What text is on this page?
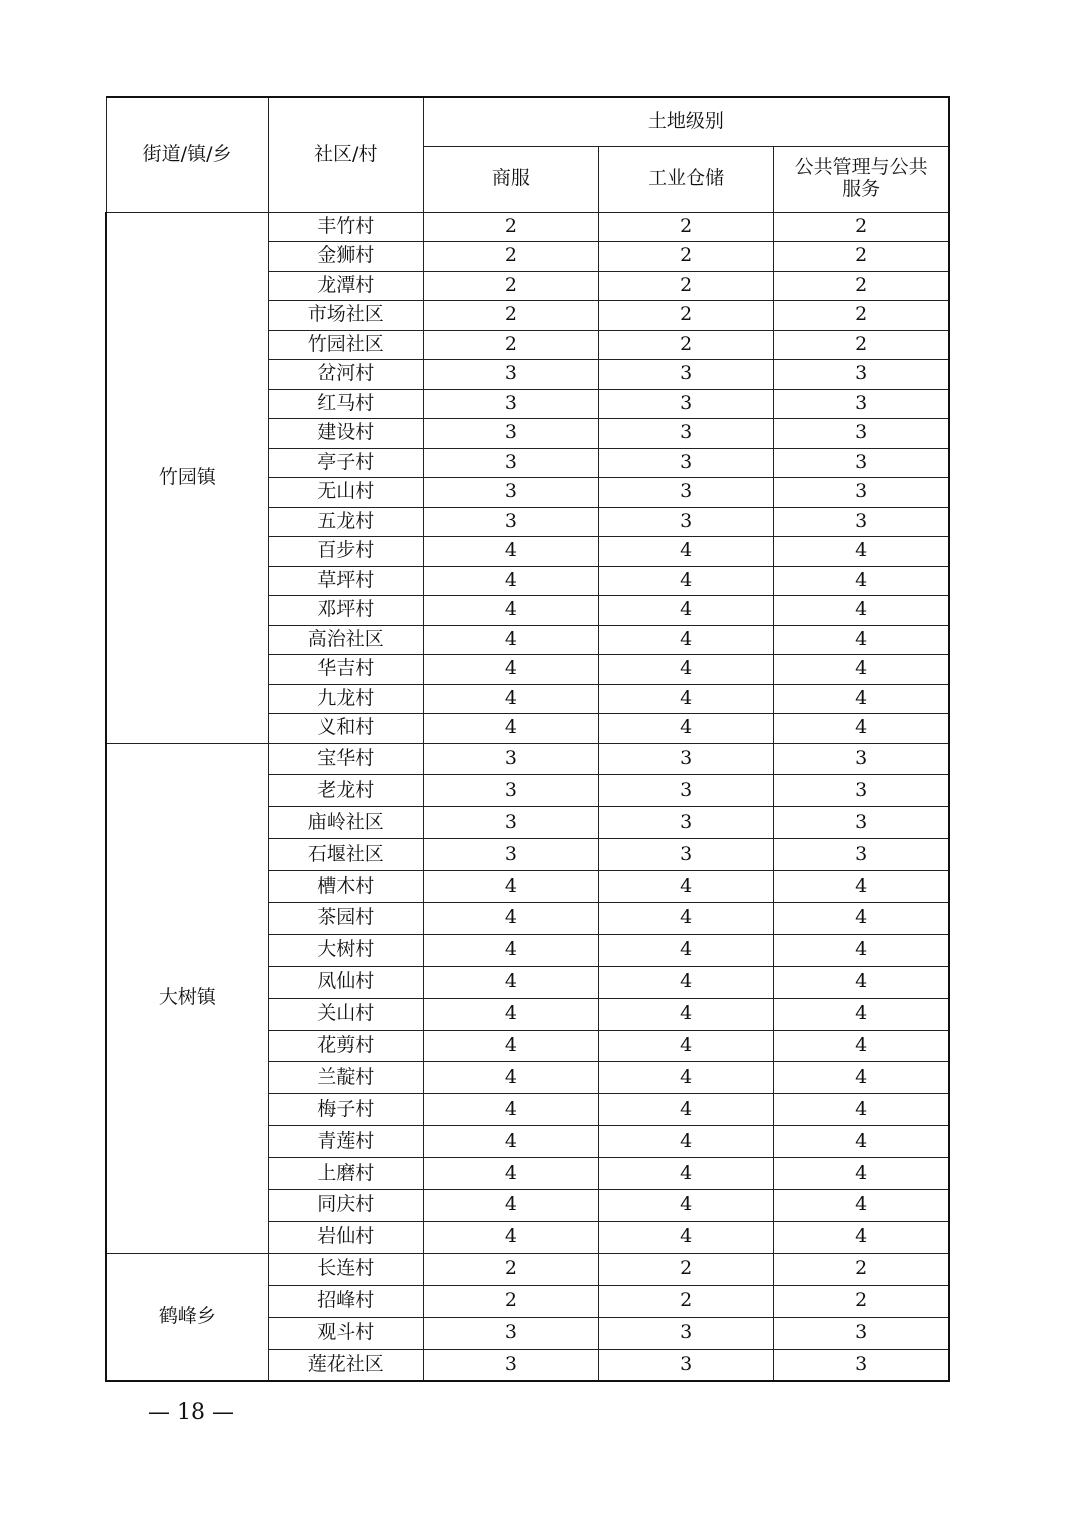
街道/镇/乡	社区/村	土地级别		
		商服	工业仓储	公共管理与公共服务
竹园镇	丰竹村	2	2	2
	金狮村	2	2	2
	龙潭村	2	2	2
	市场社区	2	2	2
	竹园社区	2	2	2
	岔河村	3	3	3
	红马村	3	3	3
	建设村	3	3	3
	亭子村	3	3	3
	无山村	3	3	3
	五龙村	3	3	3
	百步村	4	4	4
	草坪村	4	4	4
	邓坪村	4	4	4
	高治社区	4	4	4
	华吉村	4	4	4
	九龙村	4	4	4
	义和村	4	4	4
大树镇	宝华村	3	3	3
	老龙村	3	3	3
	庙岭社区	3	3	3
	石堰社区	3	3	3
	槽木村	4	4	4
	茶园村	4	4	4
	大树村	4	4	4
	凤仙村	4	4	4
	关山村	4	4	4
	花剪村	4	4	4
	兰靛村	4	4	4
	梅子村	4	4	4
	青莲村	4	4	4
	上磨村	4	4	4
	同庆村	4	4	4
	岩仙村	4	4	4
鹤峰乡	长连村	2	2	2
	招峰村	2	2	2
	观斗村	3	3	3
	莲花社区	3	3	3
— 18 —
